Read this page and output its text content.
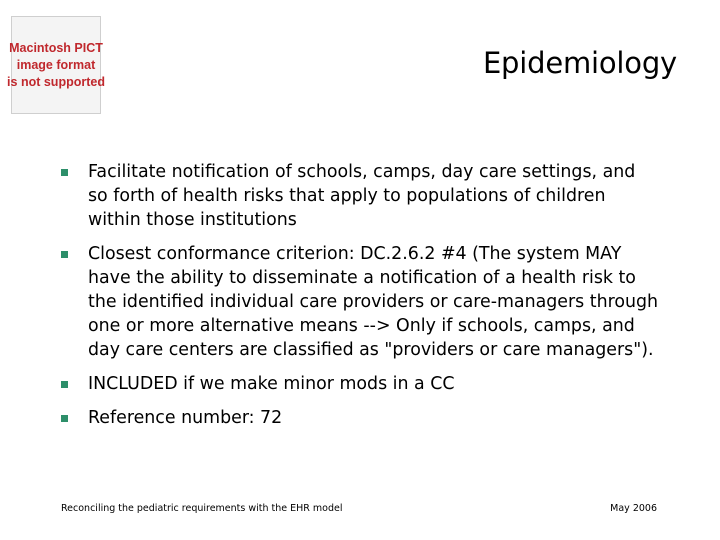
Macintosh PICT
image format
is not supported
Epidemiology
Facilitate notification of schools, camps, day care settings, and so forth of health risks that apply to populations of children within those institutions
Closest conformance criterion: DC.2.6.2 #4 (The system MAY have the ability to disseminate a notification of a health risk to the identified individual care providers or care-managers through one or more alternative means --> Only if schools, camps, and day care centers are classified as "providers or care managers").
INCLUDED if we make minor mods in a CC
Reference number: 72
Reconciling the pediatric requirements with the EHR model	May 2006
